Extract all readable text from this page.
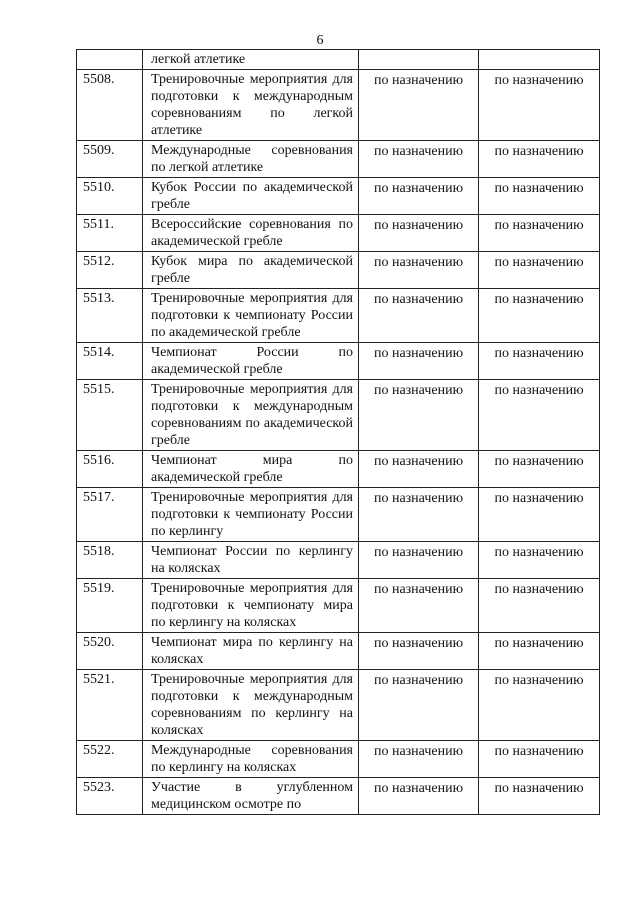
6
	легкой атлетике		
5508.	Тренировочные мероприятия для подготовки к международным соревнованиям по легкой атлетике	по назначению	по назначению
5509.	Международные соревнования по легкой атлетике	по назначению	по назначению
5510.	Кубок России по академической гребле	по назначению	по назначению
5511.	Всероссийские соревнования по академической гребле	по назначению	по назначению
5512.	Кубок мира по академической гребле	по назначению	по назначению
5513.	Тренировочные мероприятия для подготовки к чемпионату России по академической гребле	по назначению	по назначению
5514.	Чемпионат России по академической гребле	по назначению	по назначению
5515.	Тренировочные мероприятия для подготовки к международным соревнованиям по академической гребле	по назначению	по назначению
5516.	Чемпионат мира по академической гребле	по назначению	по назначению
5517.	Тренировочные мероприятия для подготовки к чемпионату России по керлингу	по назначению	по назначению
5518.	Чемпионат России по керлингу на колясках	по назначению	по назначению
5519.	Тренировочные мероприятия для подготовки к чемпионату мира по керлингу на колясках	по назначению	по назначению
5520.	Чемпионат мира по керлингу на колясках	по назначению	по назначению
5521.	Тренировочные мероприятия для подготовки к международным соревнованиям по керлингу на колясках	по назначению	по назначению
5522.	Международные соревнования по керлингу на колясках	по назначению	по назначению
5523.	Участие в углубленном медицинском осмотре по	по назначению	по назначению
